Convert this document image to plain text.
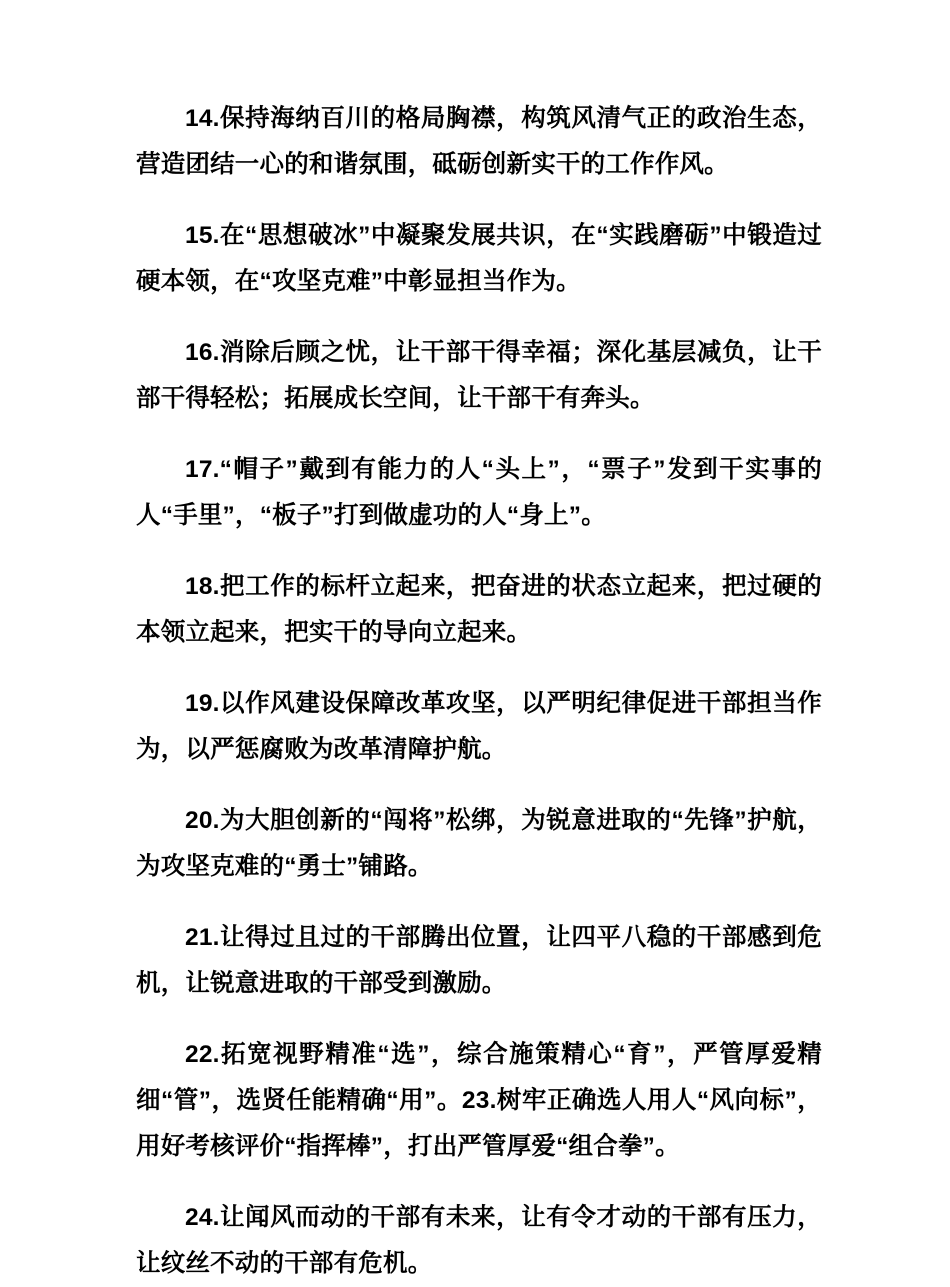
14.保持海纳百川的格局胸襟，构筑风清气正的政治生态，营造团结一心的和谐氛围，砥砺创新实干的工作作风。

15.在“思想破冰”中凝聚发展共识，在“实践磨砺”中锻造过硬本领，在“攻坚克难”中彰显担当作为。

16.消除后顾之忧，让干部干得幸福；深化基层减负，让干部干得轻松；拓展成长空间，让干部干有奔头。

17.“帽子”戴到有能力的人“头上”，“票子”发到干实事的人“手里”，“板子”打到做虚功的人“身上”。

18.把工作的标杆立起来，把奋进的状态立起来，把过硬的本领立起来，把实干的导向立起来。

19.以作风建设保障改革攻坚，以严明纪律促进干部担当作为，以严惩腐败为改革清障护航。

20.为大胆创新的“闯将”松绑，为锐意进取的“先锋”护航，为攻坚克难的“勇士”铺路。

21.让得过且过的干部腾出位置，让四平八稳的干部感到危机，让锐意进取的干部受到激励。

22.拓宽视野精准“选”，综合施策精心“育”，严管厚爱精细“管”，选贤任能精确“用”。23.树牢正确选人用人“风向标”，用好考核评价“指挥棒”，打出严管厚爱“组合拳”。

24.让闻风而动的干部有未来，让有令才动的干部有压力，让纹丝不动的干部有危机。
